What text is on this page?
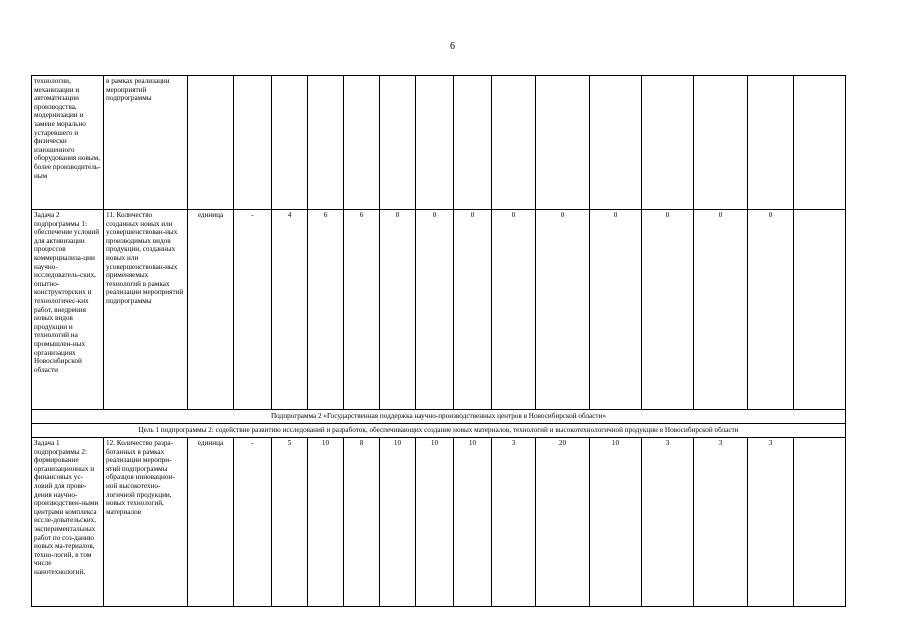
6
технологии, механизации и автоматизации производства, модернизации и замене морально устаревшего и физически изношенного оборудования новым, более производитель-ным	в рамках реализации мероприятий подпрограммы															
Задача 2 подпрограммы 1: обеспечение условий для активизации процессов коммерциализа-ции научно-исследователь-ских, опытно-конструкторских и технологичес-ких работ, внедрения новых видов продукции и технологий на промышлен-ных организациях Новосибирской области	11. Количество созданных новых или усовершенствован-ных производимых видов продукции, созданных новых или усовершенствован-ных применяемых технологий в рамках реализации мероприятий подпрограммы	единица	-	4	6	6	0	0	0	0	0	0	0	0	0	
Подпрограмма 2 «Государственная поддержка научно-производственных центров в Новосибирской области»																
Цель 1 подпрограммы 2: содействие развитию исследований и разработок, обеспечивающих создание новых материалов, технологий и высокотехнологичной продукции в Новосибирской области																
Задача 1 подпрограммы 2: формирование организационных и финансовых ус-ловий для прове-дения научно-производствен-ными центрами комплекса иссле-довательских, экспериментальных работ по соз-данию новых ма-териалов, техно-логий, в том числе нанотехнологий,	12. Количество разра-ботанных в рамках реализации меропри-ятий подпрограммы образцов инновацион-ной высокотехно-логичной продукции, новых технологий, материалов	единица	-	5	10	8	10	10	10	3	20	10	3	3	3	
